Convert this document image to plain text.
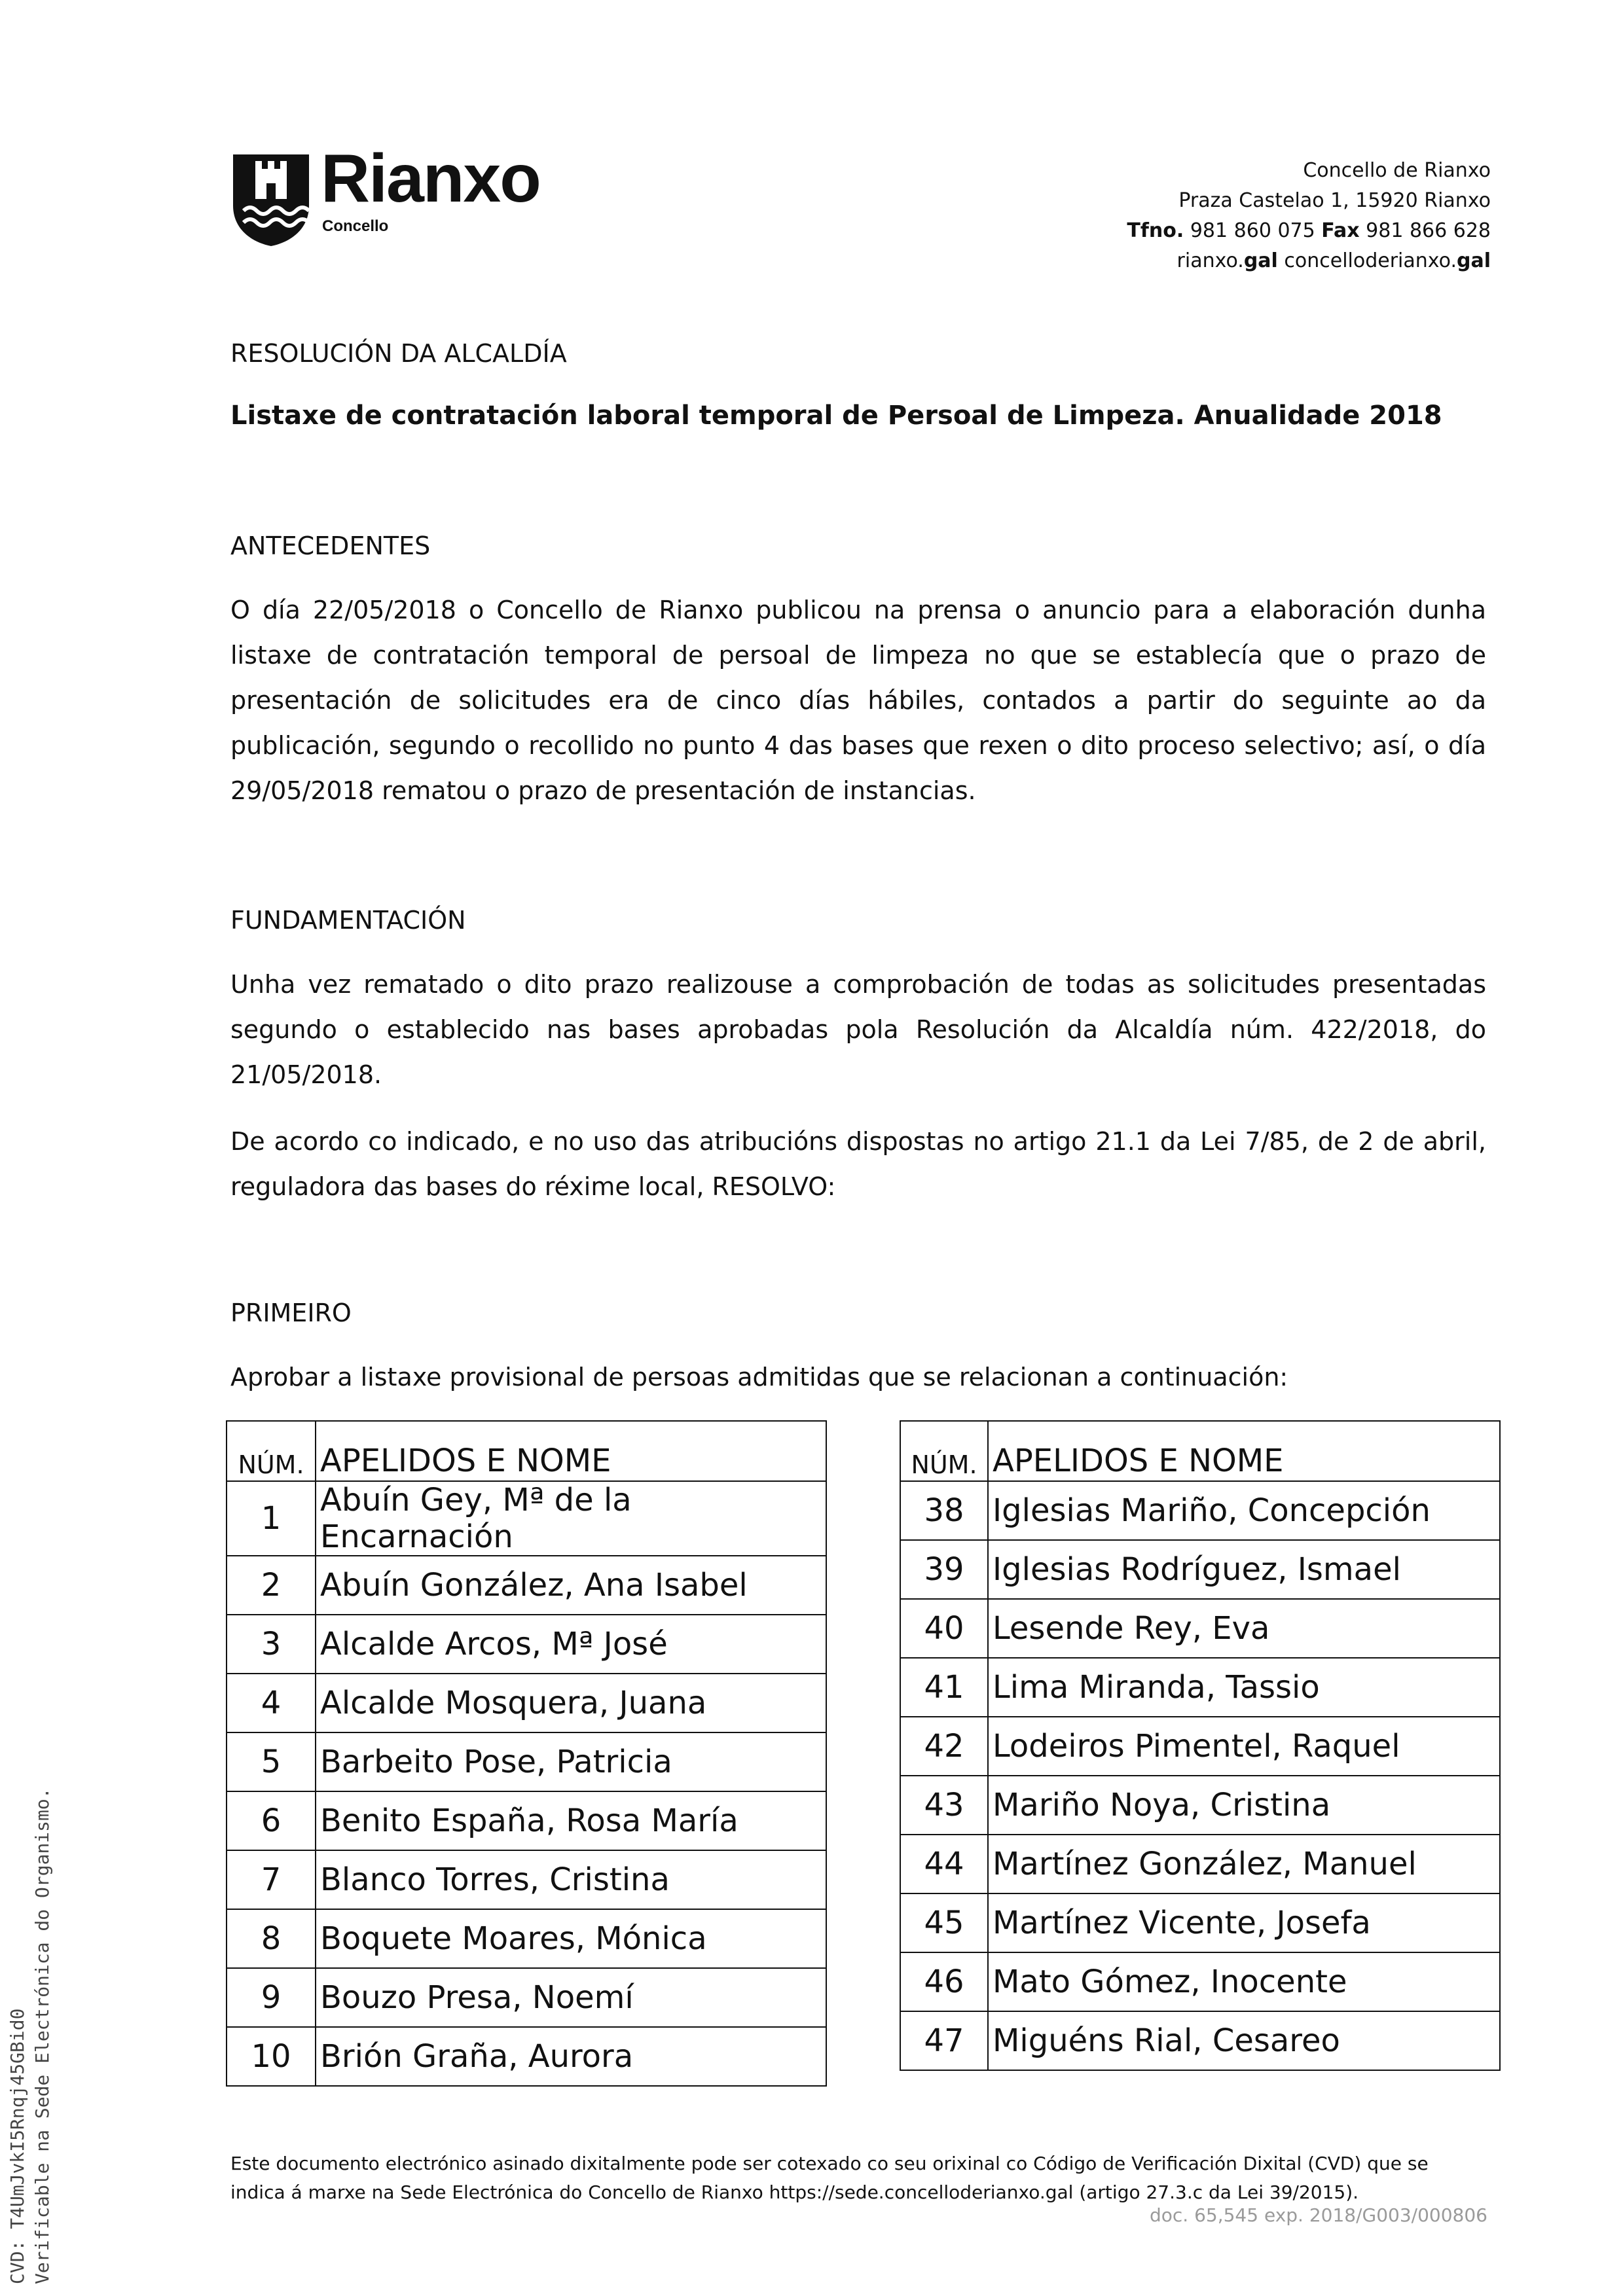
Rianxo
Concello
Concello de Rianxo
Praza Castelao 1, 15920 Rianxo
Tfno. 981 860 075 Fax 981 866 628
rianxo.gal concelloderianxo.gal
RESOLUCIÓN DA ALCALDÍA
Listaxe de contratación laboral temporal de Persoal de Limpeza. Anualidade 2018
ANTECEDENTES
O día 22/05/2018 o Concello de Rianxo publicou na prensa o anuncio para a elaboración dunha listaxe de contratación temporal de persoal de limpeza no que se establecía que o prazo de presentación de solicitudes era de cinco días hábiles, contados a partir do seguinte ao da publicación, segundo o recollido no punto 4 das bases que rexen o dito proceso selectivo; así, o día 29/05/2018 rematou o prazo de presentación de instancias.
FUNDAMENTACIÓN
Unha vez rematado o dito prazo realizouse a comprobación de todas as solicitudes presentadas segundo o establecido nas bases aprobadas pola Resolución da Alcaldía núm. 422/2018, do 21/05/2018.
De acordo co indicado, e no uso das atribucións dispostas no artigo 21.1 da Lei 7/85, de 2 de abril, reguladora das bases do réxime local, RESOLVO:
PRIMEIRO
Aprobar a listaxe provisional de persoas admitidas que se relacionan a continuación:
NÚM.	APELIDOS E NOME
1	Abuín Gey, Mª de la Encarnación
2	Abuín González, Ana Isabel
3	Alcalde Arcos, Mª José
4	Alcalde Mosquera, Juana
5	Barbeito Pose, Patricia
6	Benito España, Rosa María
7	Blanco Torres, Cristina
8	Boquete Moares, Mónica
9	Bouzo Presa, Noemí
10	Brión Graña, Aurora
NÚM.	APELIDOS E NOME
38	Iglesias Mariño, Concepción
39	Iglesias Rodríguez, Ismael
40	Lesende Rey, Eva
41	Lima Miranda, Tassio
42	Lodeiros Pimentel, Raquel
43	Mariño Noya, Cristina
44	Martínez González, Manuel
45	Martínez Vicente, Josefa
46	Mato Gómez, Inocente
47	Miguéns Rial, Cesareo
Este documento electrónico asinado dixitalmente pode ser cotexado co seu orixinal co Código de Verificación Dixital (CVD) que se indica á marxe na Sede Electrónica do Concello de Rianxo https://sede.concelloderianxo.gal (artigo 27.3.c da Lei 39/2015).
doc. 65,545 exp. 2018/G003/000806
CVD: T4UmJvkI5Rnqj45GBid0 Verificable na Sede Electrónica do Organismo.
